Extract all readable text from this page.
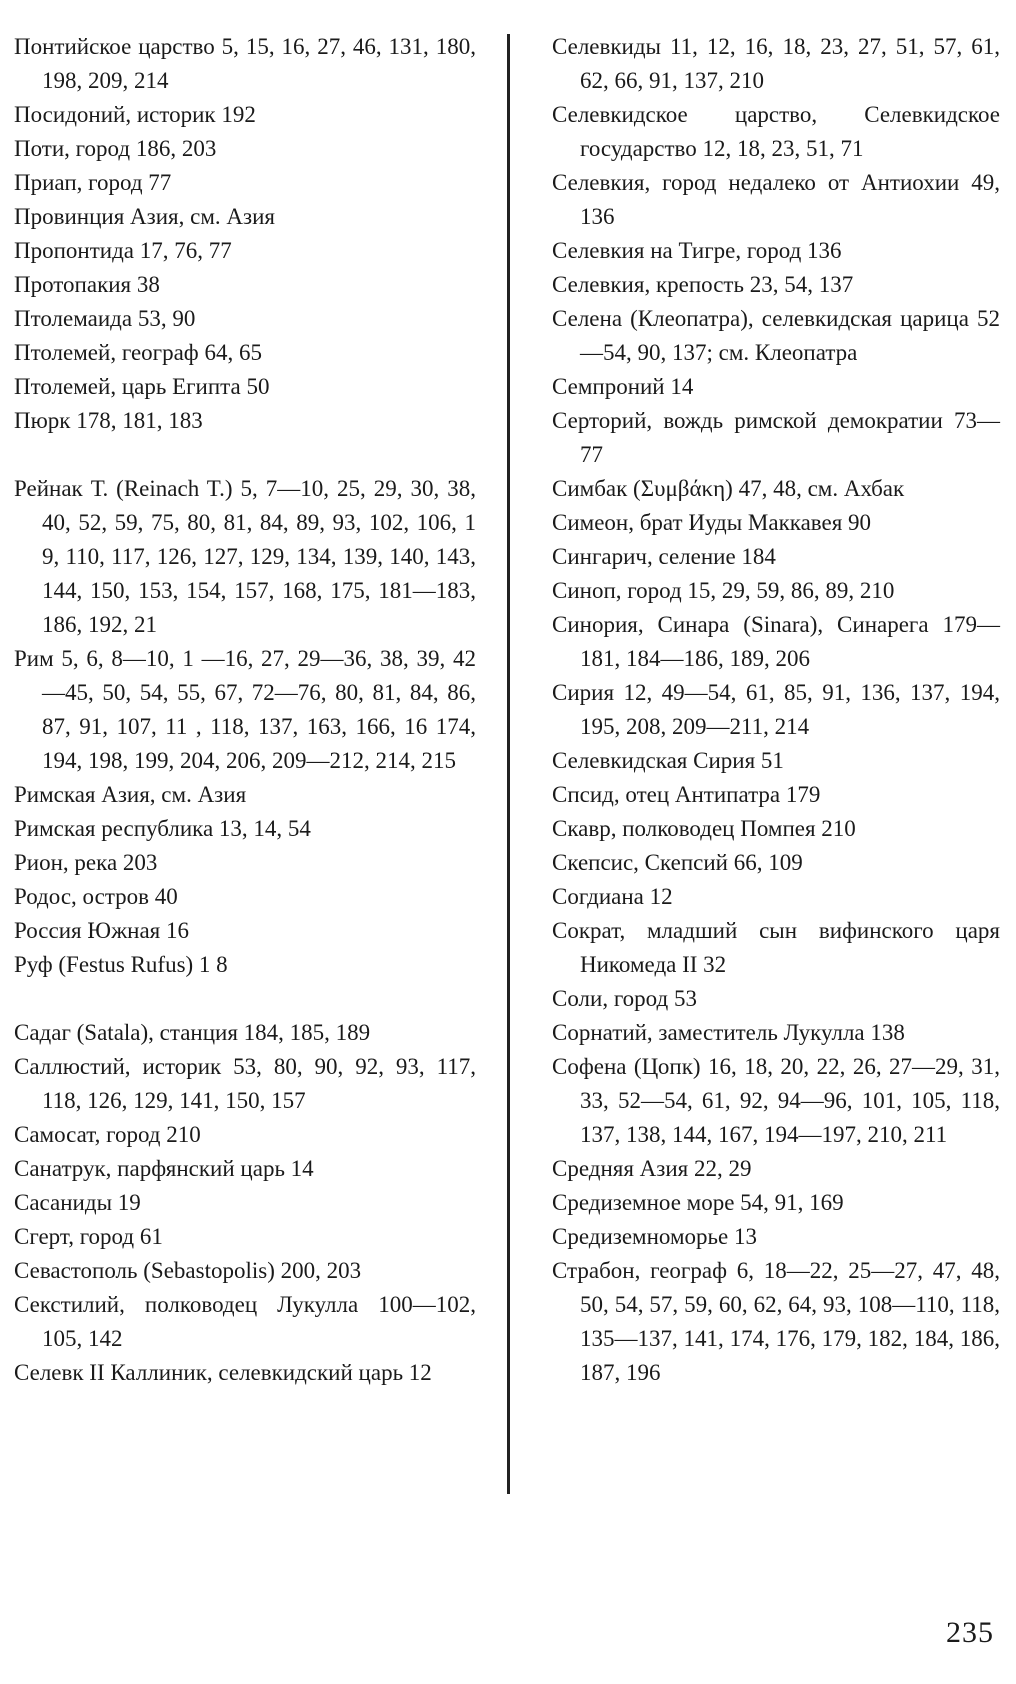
Понтийское царство 5, 15, 16, 27, 46, 131, 180, 198, 209, 214

Посидоний, историк 192

Поти, город 186, 203

Приап, город 77

Провинция Азия, см. Азия

Пропонтида 17, 76, 77

Протопакия 38

Птолемаида 53, 90

Птолемей, географ 64, 65

Птолемей, царь Египта 50

Пюрк 178, 181, 183

Рейнак Т. (Reinach T.) 5, 7—10, 25, 29, 30, 38, 40, 52, 59, 75, 80, 81, 84, 89, 93, 102, 106, 1 9, 110, 117, 126, 127, 129, 134, 139, 140, 143, 144, 150, 153, 154, 157, 168, 175, 181—183, 186, 192, 21

Рим 5, 6, 8—10, 1 —16, 27, 29—36, 38, 39, 42—45, 50, 54, 55, 67, 72—76, 80, 81, 84, 86, 87, 91, 107, 11 , 118, 137, 163, 166, 16 174, 194, 198, 199, 204, 206, 209—212, 214, 215

Римская Азия, см. Азия

Римская республика 13, 14, 54

Рион, река 203

Родос, остров 40

Россия Южная 16

Руф (Festus Rufus) 1 8

Садаг (Satala), станция 184, 185, 189

Саллюстий, историк 53, 80, 90, 92, 93, 117, 118, 126, 129, 141, 150, 157

Самосат, город 210

Санатрук, парфянский царь 14

Сасаниды 19

Сгерт, город 61

Севастополь (Sebastopolis) 200, 203

Секстилий, полководец Лукулла 100—102, 105, 142

Селевк II Каллиник, селевкидский царь 12

Селевкиды 11, 12, 16, 18, 23, 27, 51, 57, 61, 62, 66, 91, 137, 210

Селевкидское царство, Селевкидское государство 12, 18, 23, 51, 71

Селевкия, город недалеко от Антиохии 49, 136

Селевкия на Тигре, город 136

Селевкия, крепость 23, 54, 137

Селена (Клеопатра), селевкидская царица 52—54, 90, 137; см. Клеопатра

Семпроний 14

Серторий, вождь римской демократии 73—77

Симбак (Συμβάκη) 47, 48, см. Ахбак

Симеон, брат Иуды Маккавея 90

Сингарич, селение 184

Синоп, город 15, 29, 59, 86, 89, 210

Синория, Синара (Sinara), Синарега 179—181, 184—186, 189, 206

Сирия 12, 49—54, 61, 85, 91, 136, 137, 194, 195, 208, 209—211, 214

Селевкидская Сирия 51

Спсид, отец Антипатра 179

Скавр, полководец Помпея 210

Скепсис, Скепсий 66, 109

Согдиана 12

Сократ, младший сын вифинского царя Никомеда II 32

Соли, город 53

Сорнатий, заместитель Лукулла 138

Софена (Цопк) 16, 18, 20, 22, 26, 27—29, 31, 33, 52—54, 61, 92, 94—96, 101, 105, 118, 137, 138, 144, 167, 194—197, 210, 211

Средняя Азия 22, 29

Средиземное море 54, 91, 169

Средиземноморье 13

Страбон, географ 6, 18—22, 25—27, 47, 48, 50, 54, 57, 59, 60, 62, 64, 93, 108—110, 118, 135—137, 141, 174, 176, 179, 182, 184, 186, 187, 196

235
